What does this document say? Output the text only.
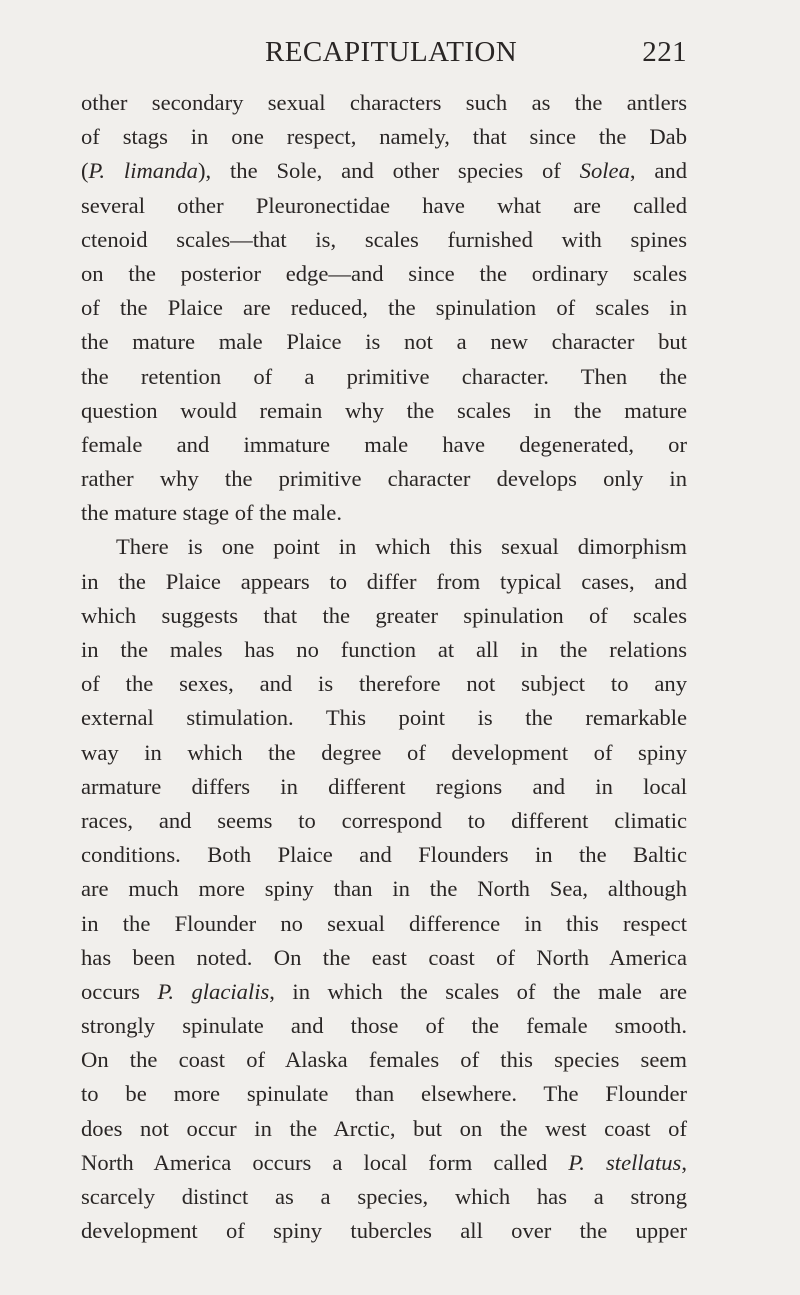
RECAPITULATION	221
other secondary sexual characters such as the antlers
of stags in one respect, namely, that since the Dab
(P. limanda), the Sole, and other species of Solea, and
several other Pleuronectidae have what are called
ctenoid scales—that is, scales furnished with spines
on the posterior edge—and since the ordinary scales
of the Plaice are reduced, the spinulation of scales in
the mature male Plaice is not a new character but
the retention of a primitive character. Then the
question would remain why the scales in the mature
female and immature male have degenerated, or
rather why the primitive character develops only in
the mature stage of the male.
There is one point in which this sexual dimorphism
in the Plaice appears to differ from typical cases, and
which suggests that the greater spinulation of scales
in the males has no function at all in the relations
of the sexes, and is therefore not subject to any
external stimulation. This point is the remarkable
way in which the degree of development of spiny
armature differs in different regions and in local
races, and seems to correspond to different climatic
conditions. Both Plaice and Flounders in the Baltic
are much more spiny than in the North Sea, although
in the Flounder no sexual difference in this respect
has been noted. On the east coast of North America
occurs P. glacialis, in which the scales of the male are
strongly spinulate and those of the female smooth.
On the coast of Alaska females of this species seem
to be more spinulate than elsewhere. The Flounder
does not occur in the Arctic, but on the west coast of
North America occurs a local form called P. stellatus,
scarcely distinct as a species, which has a strong
development of spiny tubercles all over the upper
